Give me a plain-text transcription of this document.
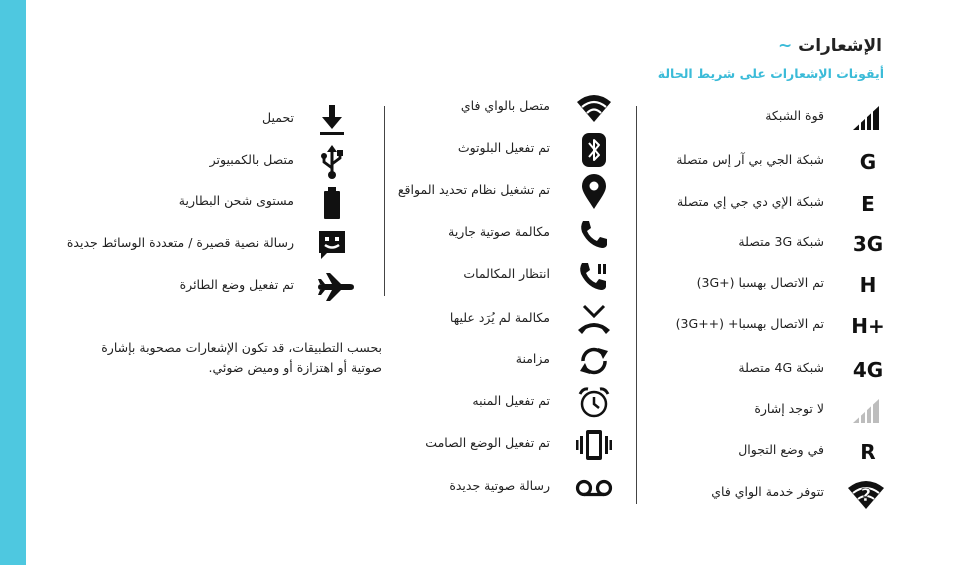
الإشعارات ~
أيقونات الإشعارات على شريط الحالة
قوة الشبكة
G
شبكة الجي بي آر إس متصلة
E
شبكة الإي دي جي إي متصلة
3G
شبكة 3G متصلة
H
تم الاتصال بهسبا (+3G)
H+
تم الاتصال بهسبا+ (++3G)
4G
شبكة 4G متصلة
لا توجد إشارة
R
في وضع التجوال
?
تتوفر خدمة الواي فاي
متصل بالواي فاي
تم تفعيل البلوتوث
تم تشغيل نظام تحديد المواقع
مكالمة صوتية جارية
انتظار المكالمات
مكالمة لم يُرَد عليها
مزامنة
تم تفعيل المنبه
تم تفعيل الوضع الصامت
رسالة صوتية جديدة
تحميل
متصل بالكمبيوتر
مستوى شحن البطارية
رسالة نصية قصيرة / متعددة الوسائط جديدة
تم تفعيل وضع الطائرة
بحسب التطبيقات، قد تكون الإشعارات مصحوبة بإشارة صوتية أو اهتزازة أو وميض ضوئي.
